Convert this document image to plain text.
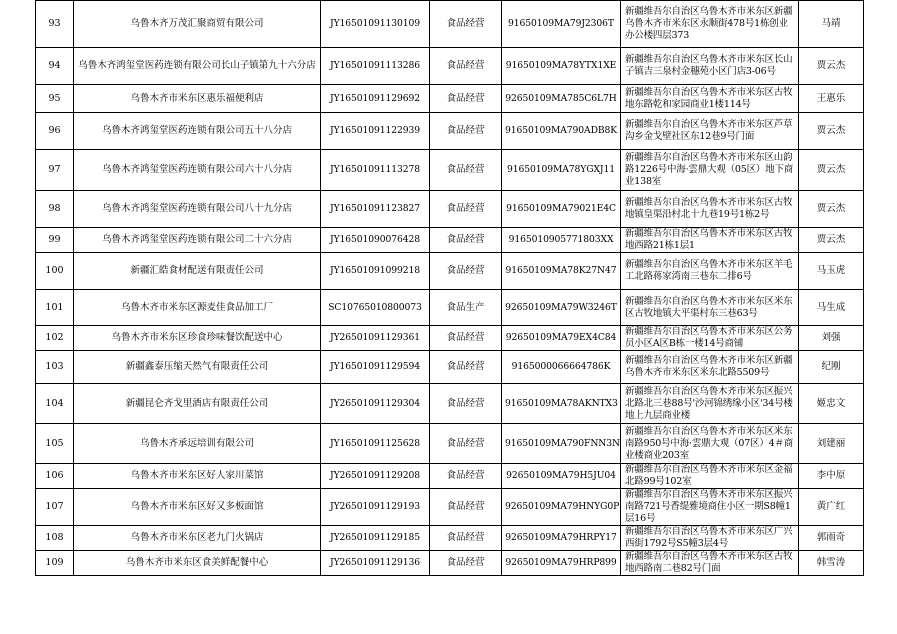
93	乌鲁木齐万茂汇聚商贸有限公司	JY16501091130109	食品经营	91650109MA79J2306T	新疆维吾尔自治区乌鲁木齐市米东区新疆乌鲁木齐市米东区永顺街478号1栋创业办公楼四层373	马靖
94	乌鲁木齐鸿玺堂医药连锁有限公司长山子镇第九十六分店	JY16501091113286	食品经营	91650109MA78YTX1XE	新疆维吾尔自治区乌鲁木齐市米东区长山子镇吉三泉村金穗苑小区门店3-06号	贾云杰
95	乌鲁木齐市米东区惠乐福便利店	JY16501091129692	食品经营	92650109MA785C6L7H	新疆维吾尔自治区乌鲁木齐市米东区古牧地东路乾和家园商业1楼114号	王惠乐
96	乌鲁木齐鸿玺堂医药连锁有限公司五十八分店	JY16501091122939	食品经营	91650109MA790ADB8K	新疆维吾尔自治区乌鲁木齐市米东区芦草沟乡金戈壁社区东12巷9号门面	贾云杰
97	乌鲁木齐鸿玺堂医药连锁有限公司六十八分店	JY16501091113278	食品经营	91650109MA78YGXJ11	新疆维吾尔自治区乌鲁木齐市米东区山韵路1226号中海·雲鼎大观（05区）地下商业138室	贾云杰
98	乌鲁木齐鸿玺堂医药连锁有限公司八十九分店	JY16501091123827	食品经营	91650109MA79021E4C	新疆维吾尔自治区乌鲁木齐市米东区古牧地镇皇渠沿村北十九巷19号1栋2号	贾云杰
99	乌鲁木齐鸿玺堂医药连锁有限公司二十六分店	JY16501090076428	食品经营	9165010905771803XX	新疆维吾尔自治区乌鲁木齐市米东区古牧地西路21栋1层1	贾云杰
100	新疆汇皓食材配送有限责任公司	JY16501091099218	食品经营	91650109MA78K27N47	新疆维吾尔自治区乌鲁木齐市米东区羊毛工北路蒋家湾南三巷东二排6号	马玉虎
101	乌鲁木齐市米东区源麦佳食品加工厂	SC10765010800073	食品生产	92650109MA79W3246T	新疆维吾尔自治区乌鲁木齐市米东区米东区古牧地镇大平渠村东三巷63号	马生成
102	乌鲁木齐市米东区珍食珍味餐饮配送中心	JY26501091129361	食品经营	92650109MA79EX4C84	新疆维吾尔自治区乌鲁木齐市米东区公务员小区A区B栋一楼14号商铺	刘强
103	新疆鑫泰压缩天然气有限责任公司	JY16501091129594	食品经营	9165000066664786K	新疆维吾尔自治区乌鲁木齐市米东区新疆乌鲁木齐市米东区米东北路5509号	纪刚
104	新疆昆仑齐戈里酒店有限责任公司	JY26501091129304	食品经营	91650109MA78AKNTX3	新疆维吾尔自治区乌鲁木齐市米东区振兴北路北三巷88号'沙河锦绣缘小区'34号楼地上九层商业楼	姬忠文
105	乌鲁木齐承远培训有限公司	JY16501091125628	食品经营	91650109MA790FNN3N	新疆维吾尔自治区乌鲁木齐市米东区米东南路950号中海·雲鼎大观（07区）4＃商业楼商业203室	刘建丽
106	乌鲁木齐市米东区好人家川菜馆	JY26501091129208	食品经营	92650109MA79H5JU04	新疆维吾尔自治区乌鲁木齐市米东区金福北路99号102室	李中原
107	乌鲁木齐市米东区好又多板面馆	JY26501091129193	食品经营	92650109MA79HNYG0P	新疆维吾尔自治区乌鲁木齐市米东区振兴南路721号香缇雅境商住小区一期S8幢1层16号	黄广红
108	乌鲁木齐市米东区老九门火锅店	JY26501091129185	食品经营	92650109MA79HRPY17	新疆维吾尔自治区乌鲁木齐市米东区广兴西街1792号S5幢3层4号	郭雨奇
109	乌鲁木齐市米东区食美鲜配餐中心	JY26501091129136	食品经营	92650109MA79HRP899	新疆维吾尔自治区乌鲁木齐市米东区古牧地西路南二巷82号门面	韩雪涛
